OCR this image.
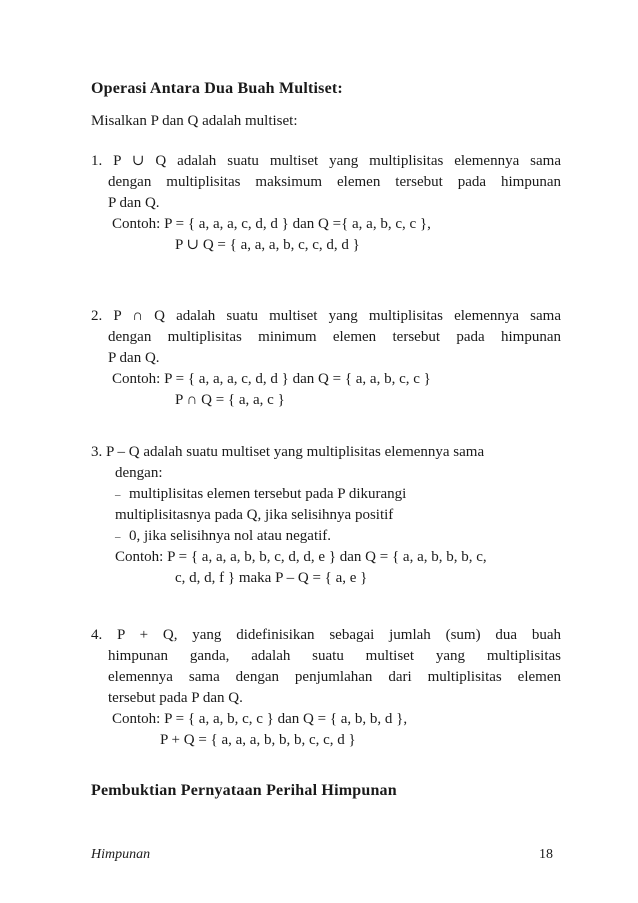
Operasi Antara Dua Buah Multiset:
Misalkan P dan Q adalah multiset:
1. P ∪ Q adalah suatu multiset yang multiplisitas elemennya sama
dengan multiplisitas maksimum elemen tersebut pada himpunan
P dan Q.
Contoh: P = { a, a, a, c, d, d } dan Q ={ a, a, b, c, c },
P ∪ Q = { a, a, a, b, c, c, d, d }
2. P ∩ Q adalah suatu multiset yang multiplisitas elemennya sama
dengan multiplisitas minimum elemen tersebut pada himpunan
P dan Q.
Contoh: P = { a, a, a, c, d, d } dan Q = { a, a, b, c, c }
P ∩ Q = { a, a, c }
3. P – Q adalah suatu multiset yang multiplisitas elemennya sama
dengan:
– multiplisitas elemen tersebut pada P dikurangi
multiplisitasnya pada Q, jika selisihnya positif
– 0, jika selisihnya nol atau negatif.
Contoh: P = { a, a, a, b, b, c, d, d, e } dan Q = { a, a, b, b, b, c,
c, d, d, f } maka P – Q = { a, e }
4. P + Q, yang didefinisikan sebagai jumlah (sum) dua buah
himpunan ganda, adalah suatu multiset yang multiplisitas
elemennya sama dengan penjumlahan dari multiplisitas elemen
tersebut pada P dan Q.
Contoh: P = { a, a, b, c, c } dan Q = { a, b, b, d },
P + Q = { a, a, a, b, b, b, c, c, d }
Pembuktian Pernyataan Perihal Himpunan
Himpunan	18
